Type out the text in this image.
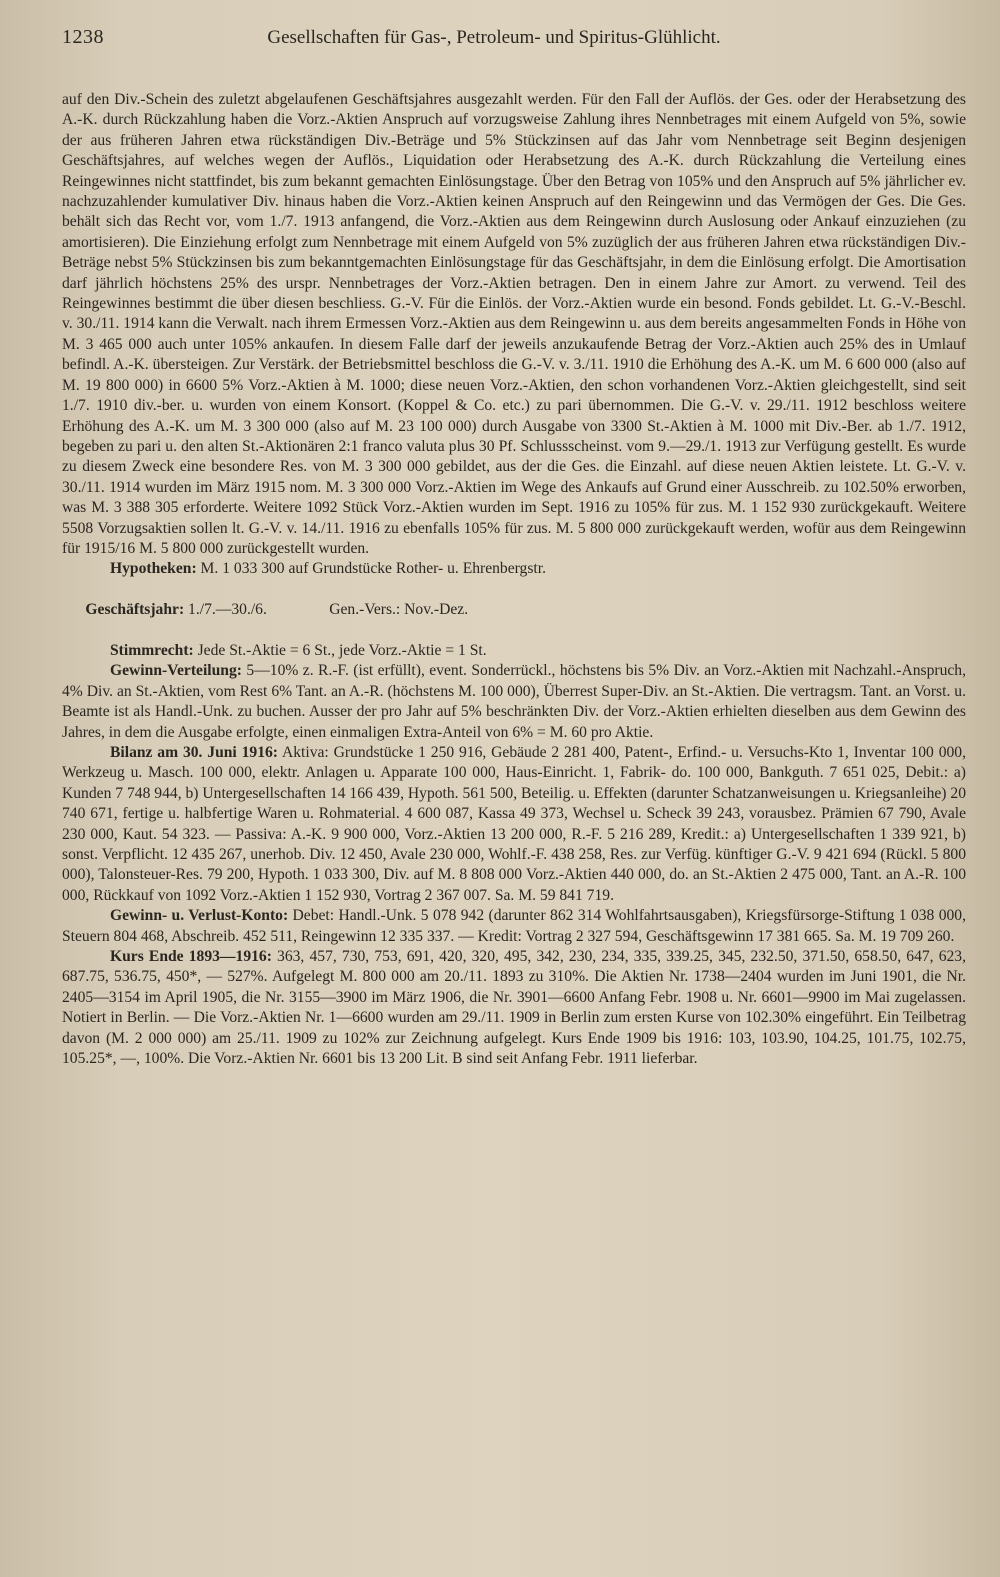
1238	Gesellschaften für Gas-, Petroleum- und Spiritus-Glühlicht.

auf den Div.-Schein des zuletzt abgelaufenen Geschäftsjahres ausgezahlt werden. Für den Fall der Auflös. der Ges. oder der Herabsetzung des A.-K. durch Rückzahlung haben die Vorz.-Aktien Anspruch auf vorzugsweise Zahlung ihres Nennbetrages mit einem Aufgeld von 5%, sowie der aus früheren Jahren etwa rückständigen Div.-Beträge und 5% Stückzinsen auf das Jahr vom Nennbetrage seit Beginn desjenigen Geschäftsjahres, auf welches wegen der Auflös., Liquidation oder Herabsetzung des A.-K. durch Rückzahlung die Verteilung eines Reingewinnes nicht stattfindet, bis zum bekannt gemachten Einlösungstage. Über den Betrag von 105% und den Anspruch auf 5% jährlicher ev. nachzuzahlender kumulativer Div. hinaus haben die Vorz.-Aktien keinen Anspruch auf den Reingewinn und das Vermögen der Ges. Die Ges. behält sich das Recht vor, vom 1./7. 1913 anfangend, die Vorz.-Aktien aus dem Reingewinn durch Auslosung oder Ankauf einzuziehen (zu amortisieren). Die Einziehung erfolgt zum Nennbetrage mit einem Aufgeld von 5% zuzüglich der aus früheren Jahren etwa rückständigen Div.-Beträge nebst 5% Stückzinsen bis zum bekanntgemachten Einlösungstage für das Geschäftsjahr, in dem die Einlösung erfolgt. Die Amortisation darf jährlich höchstens 25% des urspr. Nennbetrages der Vorz.-Aktien betragen. Den in einem Jahre zur Amort. zu verwend. Teil des Reingewinnes bestimmt die über diesen beschliess. G.-V. Für die Einlös. der Vorz.-Aktien wurde ein besond. Fonds gebildet. Lt. G.-V.-Beschl. v. 30./11. 1914 kann die Verwalt. nach ihrem Ermessen Vorz.-Aktien aus dem Reingewinn u. aus dem bereits angesammelten Fonds in Höhe von M. 3 465 000 auch unter 105% ankaufen. In diesem Falle darf der jeweils anzukaufende Betrag der Vorz.-Aktien auch 25% des in Umlauf befindl. A.-K. übersteigen. Zur Verstärk. der Betriebsmittel beschloss die G.-V. v. 3./11. 1910 die Erhöhung des A.-K. um M. 6 600 000 (also auf M. 19 800 000) in 6600 5% Vorz.-Aktien à M. 1000; diese neuen Vorz.-Aktien, den schon vorhandenen Vorz.-Aktien gleichgestellt, sind seit 1./7. 1910 div.-ber. u. wurden von einem Konsort. (Koppel & Co. etc.) zu pari übernommen. Die G.-V. v. 29./11. 1912 beschloss weitere Erhöhung des A.-K. um M. 3 300 000 (also auf M. 23 100 000) durch Ausgabe von 3300 St.-Aktien à M. 1000 mit Div.-Ber. ab 1./7. 1912, begeben zu pari u. den alten St.-Aktionären 2:1 franco valuta plus 30 Pf. Schlussscheinst. vom 9.—29./1. 1913 zur Verfügung gestellt. Es wurde zu diesem Zweck eine besondere Res. von M. 3 300 000 gebildet, aus der die Ges. die Einzahl. auf diese neuen Aktien leistete. Lt. G.-V. v. 30./11. 1914 wurden im März 1915 nom. M. 3 300 000 Vorz.-Aktien im Wege des Ankaufs auf Grund einer Ausschreib. zu 102.50% erworben, was M. 3 388 305 erforderte. Weitere 1092 Stück Vorz.-Aktien wurden im Sept. 1916 zu 105% für zus. M. 1 152 930 zurückgekauft. Weitere 5508 Vorzugsaktien sollen lt. G.-V. v. 14./11. 1916 zu ebenfalls 105% für zus. M. 5 800 000 zurückgekauft werden, wofür aus dem Reingewinn für 1915/16 M. 5 800 000 zurückgestellt wurden.

Hypotheken: M. 1 033 300 auf Grundstücke Rother- u. Ehrenbergstr.

Geschäftsjahr: 1./7.—30./6.                Gen.-Vers.: Nov.-Dez.

Stimmrecht: Jede St.-Aktie = 6 St., jede Vorz.-Aktie = 1 St.

Gewinn-Verteilung: 5—10% z. R.-F. (ist erfüllt), event. Sonderrückl., höchstens bis 5% Div. an Vorz.-Aktien mit Nachzahl.-Anspruch, 4% Div. an St.-Aktien, vom Rest 6% Tant. an A.-R. (höchstens M. 100 000), Überrest Super-Div. an St.-Aktien. Die vertragsm. Tant. an Vorst. u. Beamte ist als Handl.-Unk. zu buchen. Ausser der pro Jahr auf 5% beschränkten Div. der Vorz.-Aktien erhielten dieselben aus dem Gewinn des Jahres, in dem die Ausgabe erfolgte, einen einmaligen Extra-Anteil von 6% = M. 60 pro Aktie.

Bilanz am 30. Juni 1916: Aktiva: Grundstücke 1 250 916, Gebäude 2 281 400, Patent-, Erfind.- u. Versuchs-Kto 1, Inventar 100 000, Werkzeug u. Masch. 100 000, elektr. Anlagen u. Apparate 100 000, Haus-Einricht. 1, Fabrik- do. 100 000, Bankguth. 7 651 025, Debit.: a) Kunden 7 748 944, b) Untergesellschaften 14 166 439, Hypoth. 561 500, Beteilig. u. Effekten (darunter Schatzanweisungen u. Kriegsanleihe) 20 740 671, fertige u. halbfertige Waren u. Rohmaterial. 4 600 087, Kassa 49 373, Wechsel u. Scheck 39 243, vorausbez. Prämien 67 790, Avale 230 000, Kaut. 54 323. — Passiva: A.-K. 9 900 000, Vorz.-Aktien 13 200 000, R.-F. 5 216 289, Kredit.: a) Untergesellschaften 1 339 921, b) sonst. Verpflicht. 12 435 267, unerhob. Div. 12 450, Avale 230 000, Wohlf.-F. 438 258, Res. zur Verfüg. künftiger G.-V. 9 421 694 (Rückl. 5 800 000), Talonsteuer-Res. 79 200, Hypoth. 1 033 300, Div. auf M. 8 808 000 Vorz.-Aktien 440 000, do. an St.-Aktien 2 475 000, Tant. an A.-R. 100 000, Rückkauf von 1092 Vorz.-Aktien 1 152 930, Vortrag 2 367 007. Sa. M. 59 841 719.

Gewinn- u. Verlust-Konto: Debet: Handl.-Unk. 5 078 942 (darunter 862 314 Wohlfahrtsausgaben), Kriegsfürsorge-Stiftung 1 038 000, Steuern 804 468, Abschreib. 452 511, Reingewinn 12 335 337. — Kredit: Vortrag 2 327 594, Geschäftsgewinn 17 381 665. Sa. M. 19 709 260.

Kurs Ende 1893—1916: 363, 457, 730, 753, 691, 420, 320, 495, 342, 230, 234, 335, 339.25, 345, 232.50, 371.50, 658.50, 647, 623, 687.75, 536.75, 450*, — 527%. Aufgelegt M. 800 000 am 20./11. 1893 zu 310%. Die Aktien Nr. 1738—2404 wurden im Juni 1901, die Nr. 2405—3154 im April 1905, die Nr. 3155—3900 im März 1906, die Nr. 3901—6600 Anfang Febr. 1908 u. Nr. 6601—9900 im Mai zugelassen. Notiert in Berlin. — Die Vorz.-Aktien Nr. 1—6600 wurden am 29./11. 1909 in Berlin zum ersten Kurse von 102.30% eingeführt. Ein Teilbetrag davon (M. 2 000 000) am 25./11. 1909 zu 102% zur Zeichnung aufgelegt. Kurs Ende 1909 bis 1916: 103, 103.90, 104.25, 101.75, 102.75, 105.25*, —, 100%. Die Vorz.-Aktien Nr. 6601 bis 13 200 Lit. B sind seit Anfang Febr. 1911 lieferbar.
